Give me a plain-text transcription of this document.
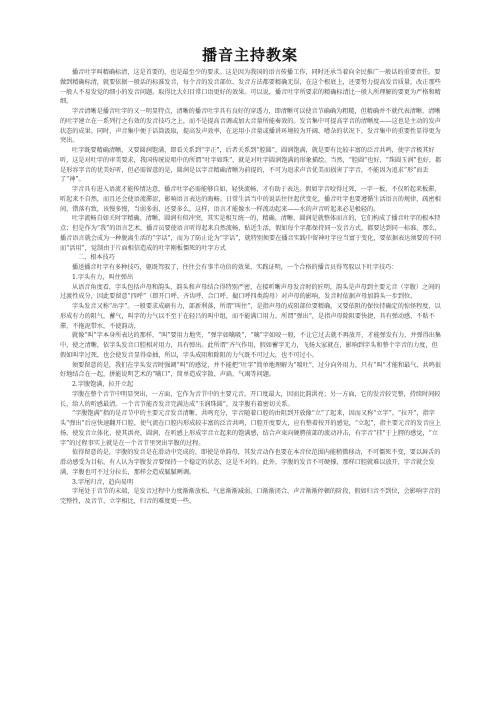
播音主持教案

播音吐字叫精确标清，这是首要的，也是最至少的要求。这是因为我国的语言传播工作，同时还承当着向全民推广一般话的重要责任。要做到精确标清，就要依据一般话的标准发音，每个音的发音部位、发音方法都要精确无误，在这个根底上，还要努力提高发音质量，改正那些一般人不易发觉的细小的发音问题。取得比大妇目常口语更好的效果。可以说，播音吐字所要求的精确标清比一般人所理解的要更为严格和精细。

字音清晰是播音吐字的又一明显特点，清晰的播音吐字具有良好的穿透力，即清晰可以使音节确确为粗糙，但精确并不就代表清晰，清晰的吐字建立在一系列行之有效的发音技巧之上，而不是提高音调或加大音量所能奏效的。发音集中可提高字音的清晰度——这也是主动的发声状态的成果。同时，声音集中便于话筒汲取，提高发声效率，在运用小音量或播讲环境较为开阔、嘈杂的状况下，发音集中的重要性显得更为突出。

吐字既要精确清晰，又要圆润饱满，即看关系到“字正”，后者关系到“腔圆”，圆润饱满，就是要有比较丰富的泛音共鸣，使字音极其好听，这是对吐字的审美要求，我国传统说唱中的所谓“吐字如珠”，就是对吐字圆润饱满的形象描绘。当然，“腔圆”也好，“珠圆玉润”也好，都是形容字音的优美好听，但必需留意的是，圆润是以字音精确清晰为前提的，不可为追求声音优美而损害了字音，不能因为追求“形”而丢了“神”。

字音具有进入语流才能传情达意，播音吐字必需能够自如，轻快流畅，才有助于表达。假如字音咬得过死，一字一板，不仅听起来板滞，听起来不自然，而且还会使语流滞涩，影响语言表达的晦畅。日常生活当中的说话往往起伏变化，播音吐字也要遵循生活语言的规律，疏密相间，错落有致，该慢多慢，当弱多弱，还要多么，这样，语言才能像水一样流动起来——水的声音听起来必是极轻的。

吐字流畅自如关时字精确、清晰、圆润有似冲突，其实是相互统一的，精确、清晰、圆润是就整体而言的，它们构成了播音吐字的根本特点；但是作为“我”的语言艺术，播音员要使语言听得起来自然流畅，贴近生活，假如每个字都保持同一发音方式，都要达到同一标准，那么，播音语言就会成为一种脱离生活的“字话”，而为了防止论为“字话”，就特别须要在播音实践中留神吐字应当富于变化，要依据表达须要的不同而“活用”，觉制由于片面相信造成的吐字刚板僵死的吐字方式

二、根本技巧

播送播音吐字有多种技巧，躯既驾驭了，往往会有事半功倍的效果，实践证明，一个合格的播音员得驾驭以下吐字技巧：

1.字头有力，叫住弹出

从语音角度看，字头包括声母和韵头，韵头和声母结合得特别严密，在接听晰声母发音时的匠明，韵头是声母到主要元音（字腹）之间的过渡性成分，因此要留意“四呼”（即开口呼、齐齿呼、合口呼、撮口呼四类韵母）对声母的影响，发音时依据声母加韵头一步到位。

字头发音又称“出字”。一般要求成刷有力，部新利落，所谓“叫住”，是指声母的成阻部位要精确，又要依阻的保位持确定的惊怪程度，以形成有力的阻气，蓄气，叫字的力气以不至于在轻吕的叫中组，而不能满口用力。所谓“弹出”，是指声母除阻要快捷，具有弹动感，不粘不滞，不拖泥带水，不使韵动，

就像“叫”字本身所表达的那样，“叫”要用力地夹，“弹字如噙吸”，“噙”字如咬一般，不让它过去就不再放开，才能弹发有力，并弹得出集中，使之清晰，依字头发音口腔相对用力，具有弹出。此所谓“齐气作用，假如蓄字无力，飞扬大家就在，影响到字头和整个字音的力度，但假如叫字过死，也会使发音显得牵抽，所以，字头成阻和除阻的力气既不可过大，也不可过小。

须要留意的是，我们在字头发音时强调“叫”的感觉，并不能把“吐字”简单地理解为“喷吐”，过分向外用力，只有“叫”才能和最气、共鸣很好地结合在一起，拼能说明艺术的“噙口”，简单造成字散、声扁，气竭等问题。

2.字腹饱满，拉开立起

字腹在整个音节中明显突出，一方面，它作为音节中的主要元音，开口度最大，因而比韵洪亮；另一方面，它的发音较完整，持续时间较长，给人的听感最清。一个音节能否发音完满达成“玉润珠圆”，及字腹有着密切关系。

“字腹饱满”指的是音节中的主要元音发音清晰、共鸣充分，字音随着口腔的由阻到开放像“立”了起来，因而又称“立字”。“拉开”，指字头“弹出”后应快速翻开口腔，使气流在口腔内形成较丰富的泛音共鸣，口腔开度要大，应有整着按开的感觉，“立起”，指主要元音的发音应上扬，使发音立体化，使其洪亮、圆润，在听感上形成字音立起来的饱满感，结合声束向硬腭前部的流动冲击，有字音“挂”于上腭的感觉，“立字”的过程事实上就是在一个音节里突出字腹的过程。

值得留意的是，字腹的发音是在滑动中完成的，即使是单韵母，其发音动作也要在本音位范围内能稍微移动，不可僵死不变，要以唇舌的滑动感受为目标，有人认为字腹发音要保持一个稳定的状态，这是不对的。此外，字腹的发音不可硬撑，那样口腔就难以放开，字音就会发满，字腹也可不过分拉长，那样会造成腻腻咧调。

3.字尾归音，趋向易明

字尾处于音节的末端，是发音过程中力度渐渐放松、气息渐渐减弱，口渐渐闭合、声音渐渐停顿的阶段，假如归音不到位，会影响字音的完整性，及音节、立字相比，归音的难度更一些。
